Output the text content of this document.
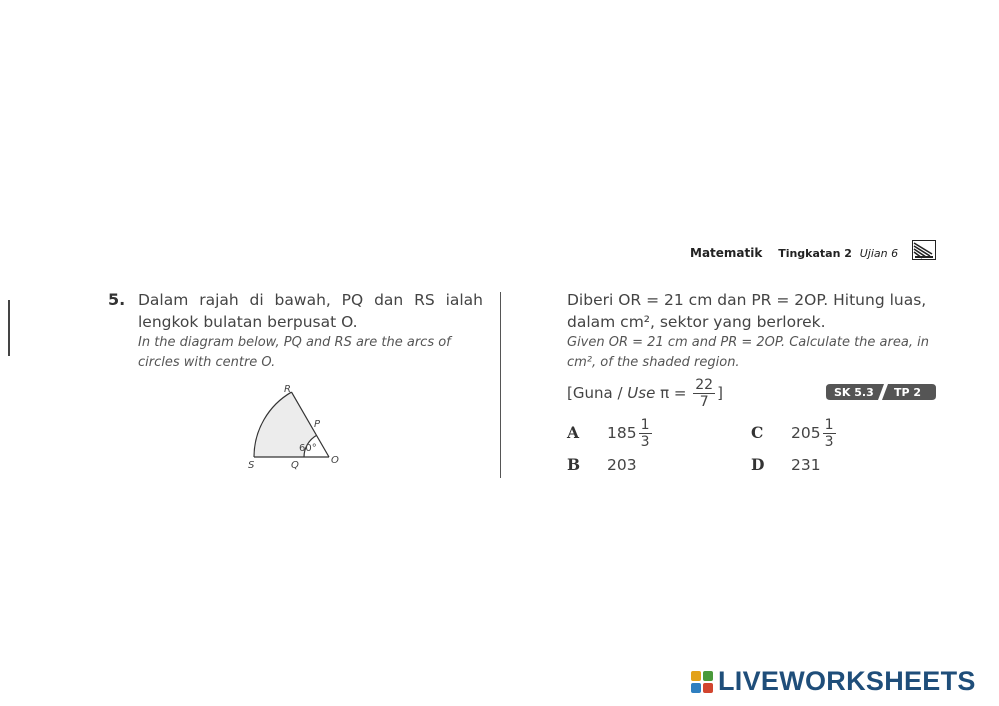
Matematik Tingkatan 2 Ujian 6
5. Dalam rajah di bawah, PQ dan RS ialah lengkok bulatan berpusat O.
In the diagram below, PQ and RS are the arcs of circles with centre O.
R
P
S	Q	O
60°
Diberi OR = 21 cm dan PR = 2OP. Hitung luas, dalam cm², sektor yang berlorek.
Given OR = 21 cm and PR = 2OP. Calculate the area, in cm², of the shaded region.
[Guna / Use $\pi = \frac{22}{7}$ ]	SK 5.3 TP 2
A $185 \frac{1}{3}$
B 203
C $205 \frac{1}{3}$
D 231
LIVEWORKSHEETS
